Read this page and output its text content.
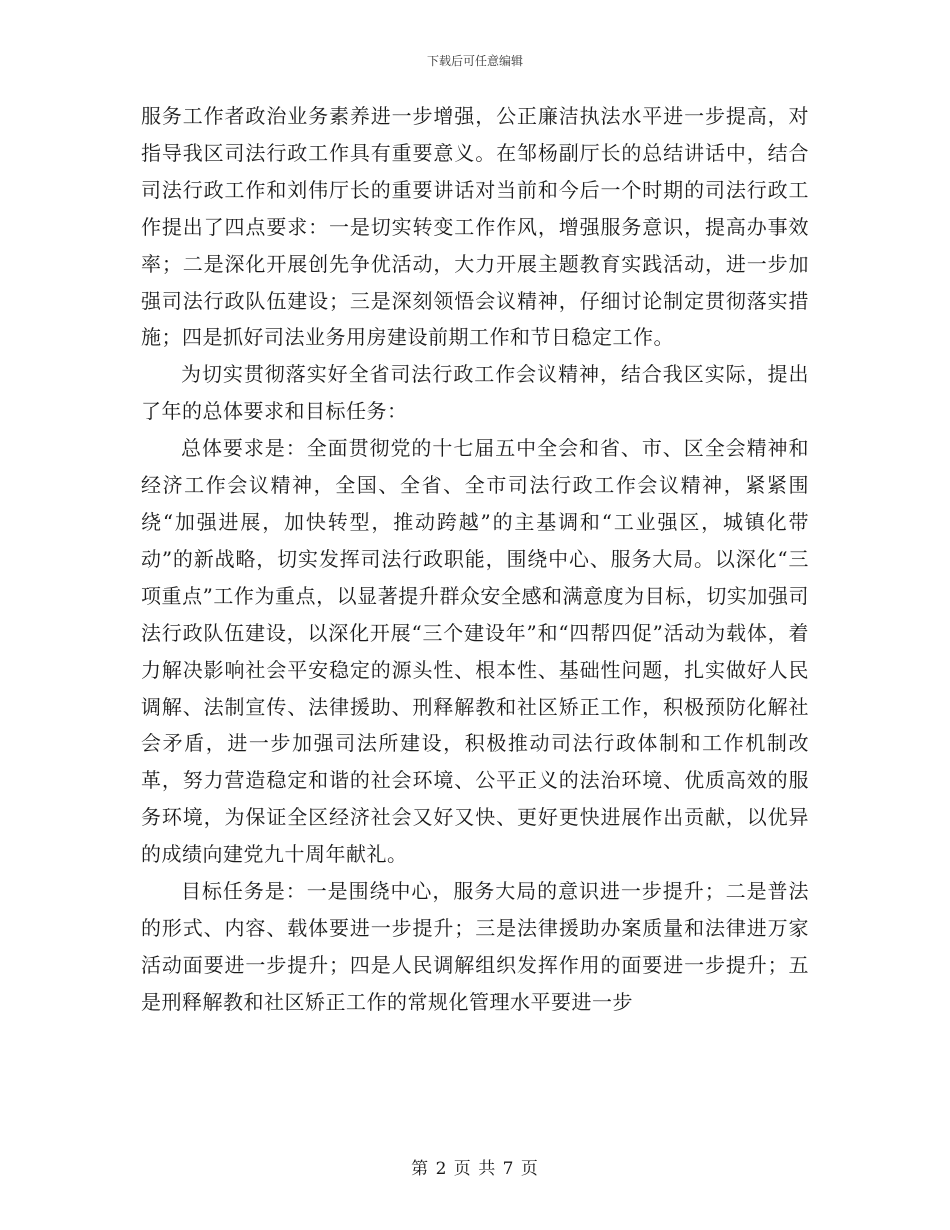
下载后可任意编辑

服务工作者政治业务素养进一步增强，公正廉洁执法水平进一步提高，对指导我区司法行政工作具有重要意义。在邹杨副厅长的总结讲话中，结合司法行政工作和刘伟厅长的重要讲话对当前和今后一个时期的司法行政工作提出了四点要求：一是切实转变工作作风，增强服务意识，提高办事效率；二是深化开展创先争优活动，大力开展主题教育实践活动，进一步加强司法行政队伍建设；三是深刻领悟会议精神，仔细讨论制定贯彻落实措施；四是抓好司法业务用房建设前期工作和节日稳定工作。

为切实贯彻落实好全省司法行政工作会议精神，结合我区实际，提出了年的总体要求和目标任务：

总体要求是：全面贯彻党的十七届五中全会和省、市、区全会精神和经济工作会议精神，全国、全省、全市司法行政工作会议精神，紧紧围绕“加强进展，加快转型，推动跨越”的主基调和“工业强区，城镇化带动”的新战略，切实发挥司法行政职能，围绕中心、服务大局。以深化“三项重点”工作为重点，以显著提升群众安全感和满意度为目标，切实加强司法行政队伍建设，以深化开展“三个建设年”和“四帮四促”活动为载体，着力解决影响社会平安稳定的源头性、根本性、基础性问题，扎实做好人民调解、法制宣传、法律援助、刑释解教和社区矫正工作，积极预防化解社会矛盾，进一步加强司法所建设，积极推动司法行政体制和工作机制改革，努力营造稳定和谐的社会环境、公平正义的法治环境、优质高效的服务环境，为保证全区经济社会又好又快、更好更快进展作出贡献，以优异的成绩向建党九十周年献礼。

目标任务是：一是围绕中心，服务大局的意识进一步提升；二是普法的形式、内容、载体要进一步提升；三是法律援助办案质量和法律进万家活动面要进一步提升；四是人民调解组织发挥作用的面要进一步提升；五是刑释解教和社区矫正工作的常规化管理水平要进一步

第 2 页 共 7 页
